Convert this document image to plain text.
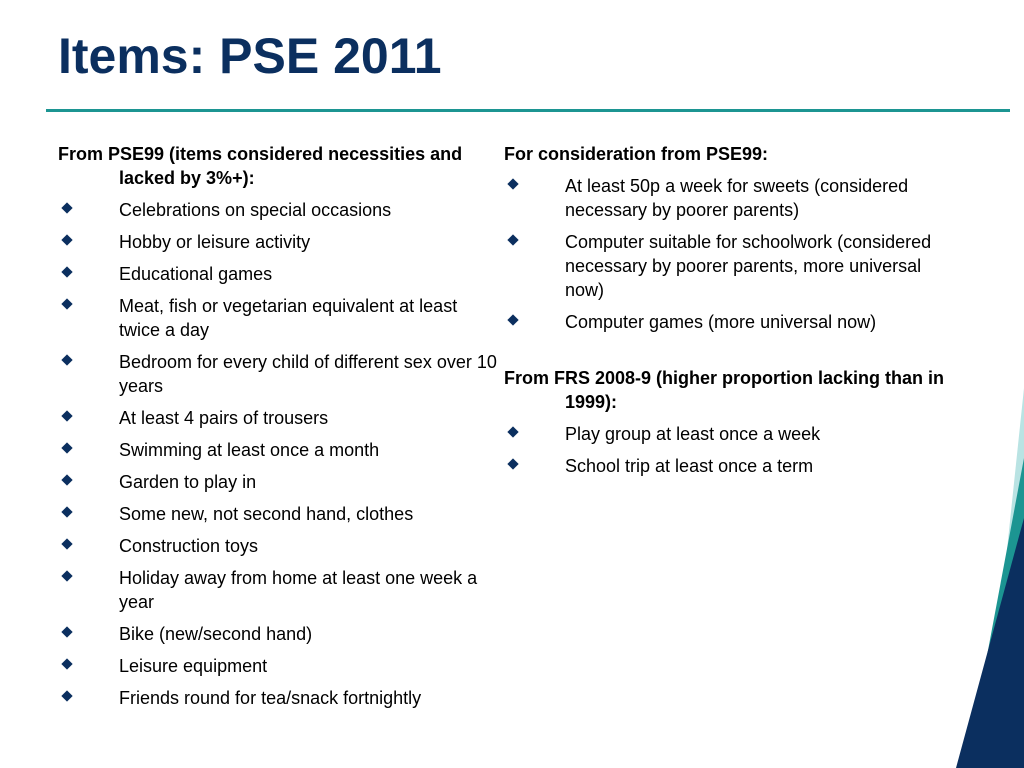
Items: PSE 2011

From PSE99 (items considered necessities and lacked by 3%+):

Celebrations on special occasions
Hobby or leisure activity
Educational games
Meat, fish or vegetarian equivalent at least twice a day
Bedroom for every child of different sex over 10 years
At least 4 pairs of trousers
Swimming at least once a month
Garden to play in
Some new, not second hand, clothes
Construction toys
Holiday away from home at least one week a year
Bike (new/second hand)
Leisure equipment
Friends round for tea/snack fortnightly

For consideration from PSE99:

At least 50p a week for sweets (considered necessary by poorer parents)
Computer suitable for schoolwork (considered necessary by poorer parents, more universal now)
Computer games (more universal now)

From FRS 2008-9 (higher proportion lacking than in 1999):

Play group at least once a week
School trip at least once a term
